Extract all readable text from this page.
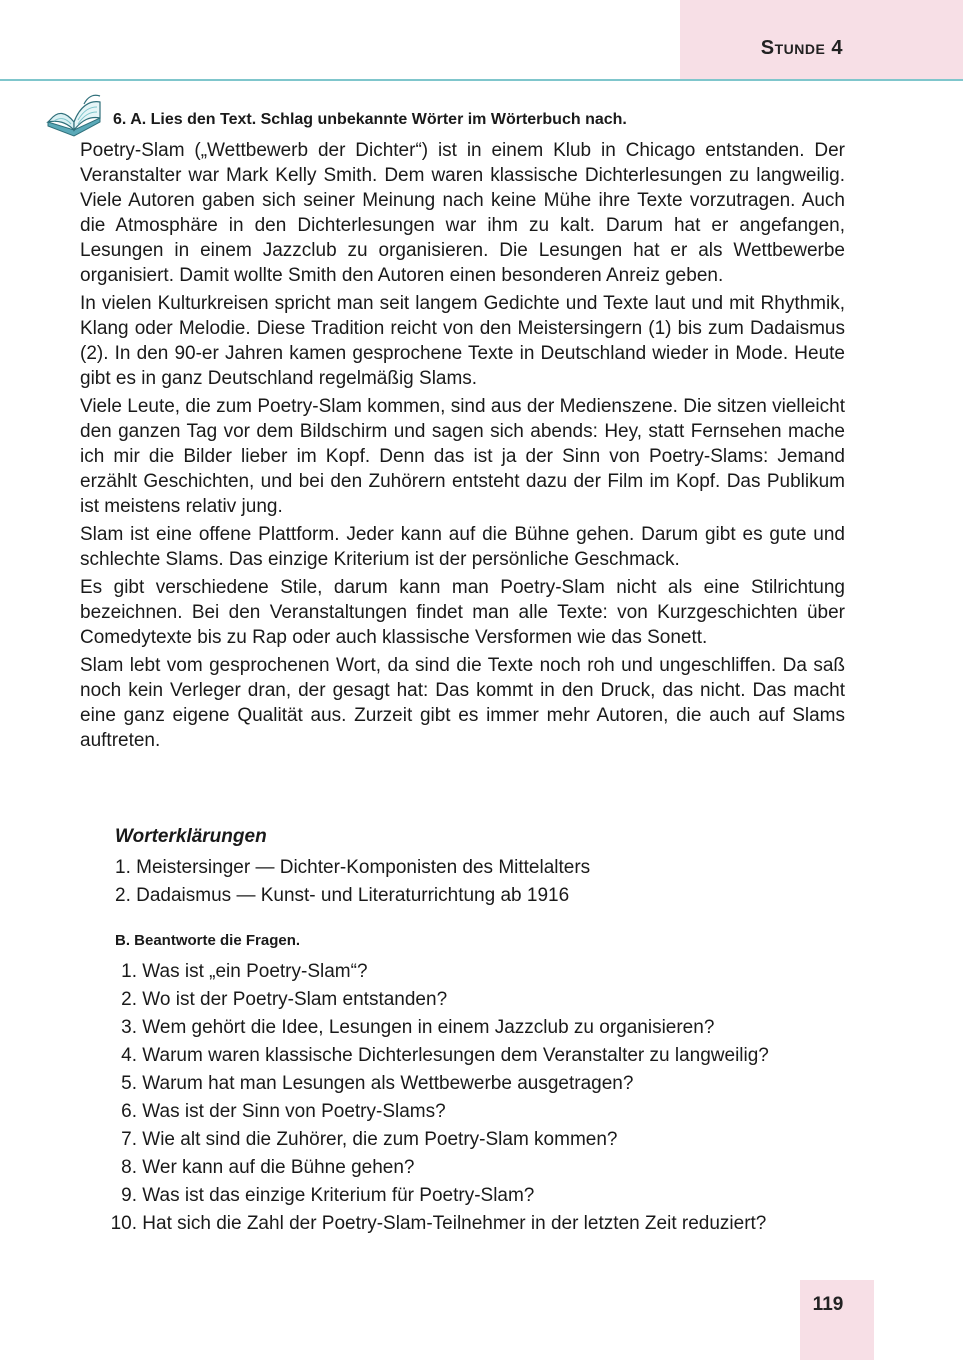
Stunde 4
6. A. Lies den Text. Schlag unbekannte Wörter im Wörterbuch nach.

Poetry-Slam („Wettbewerb der Dichter“) ist in einem Klub in Chicago entstanden. Der Veranstalter war Mark Kelly Smith. Dem waren klassische Dichterlesungen zu langweilig. Viele Autoren gaben sich seiner Meinung nach keine Mühe ihre Texte vorzutragen. Auch die Atmosphäre in den Dichterlesungen war ihm zu kalt. Darum hat er angefangen, Lesungen in einem Jazzclub zu organisieren. Die Lesungen hat er als Wettbewerbe organisiert. Damit wollte Smith den Autoren einen besonderen Anreiz geben.

In vielen Kulturkreisen spricht man seit langem Gedichte und Texte laut und mit Rhythmik, Klang oder Melodie. Diese Tradition reicht von den Meistersingern (1) bis zum Dadaismus (2). In den 90-er Jahren kamen gesprochene Texte in Deutschland wieder in Mode. Heute gibt es in ganz Deutschland regelmäßig Slams.

Viele Leute, die zum Poetry-Slam kommen, sind aus der Medienszene. Die sitzen vielleicht den ganzen Tag vor dem Bildschirm und sagen sich abends: Hey, statt Fernsehen mache ich mir die Bilder lieber im Kopf. Denn das ist ja der Sinn von Poetry-Slams: Jemand erzählt Geschichten, und bei den Zuhörern entsteht dazu der Film im Kopf. Das Publikum ist meistens relativ jung.

Slam ist eine offene Plattform. Jeder kann auf die Bühne gehen. Darum gibt es gute und schlechte Slams. Das einzige Kriterium ist der persönliche Geschmack.

Es gibt verschiedene Stile, darum kann man Poetry-Slam nicht als eine Stilrichtung bezeichnen. Bei den Veranstaltungen findet man alle Texte: von Kurzgeschichten über Comedytexte bis zu Rap oder auch klassische Versformen wie das Sonett.

Slam lebt vom gesprochenen Wort, da sind die Texte noch roh und ungeschliffen. Da saß noch kein Verleger dran, der gesagt hat: Das kommt in den Druck, das nicht. Das macht eine ganz eigene Qualität aus. Zurzeit gibt es immer mehr Autoren, die auch auf Slams auftreten.

Worterklärungen
1. Meistersinger — Dichter-Komponisten des Mittelalters
2. Dadaismus — Kunst- und Literaturrichtung ab 1916
B. Beantworte die Fragen.
1.
Was ist „ein Poetry-Slam“?
2.
Wo ist der Poetry-Slam entstanden?
3.
Wem gehört die Idee, Lesungen in einem Jazzclub zu organisieren?
4.
Warum waren klassische Dichterlesungen dem Veranstalter zu langweilig?
5.
Warum hat man Lesungen als Wettbewerbe ausgetragen?
6.
Was ist der Sinn von Poetry-Slams?
7.
Wie alt sind die Zuhörer, die zum Poetry-Slam kommen?
8.
Wer kann auf die Bühne gehen?
9.
Was ist das einzige Kriterium für Poetry-Slam?
10.
Hat sich die Zahl der Poetry-Slam-Teilnehmer in der letzten Zeit reduziert?
119
